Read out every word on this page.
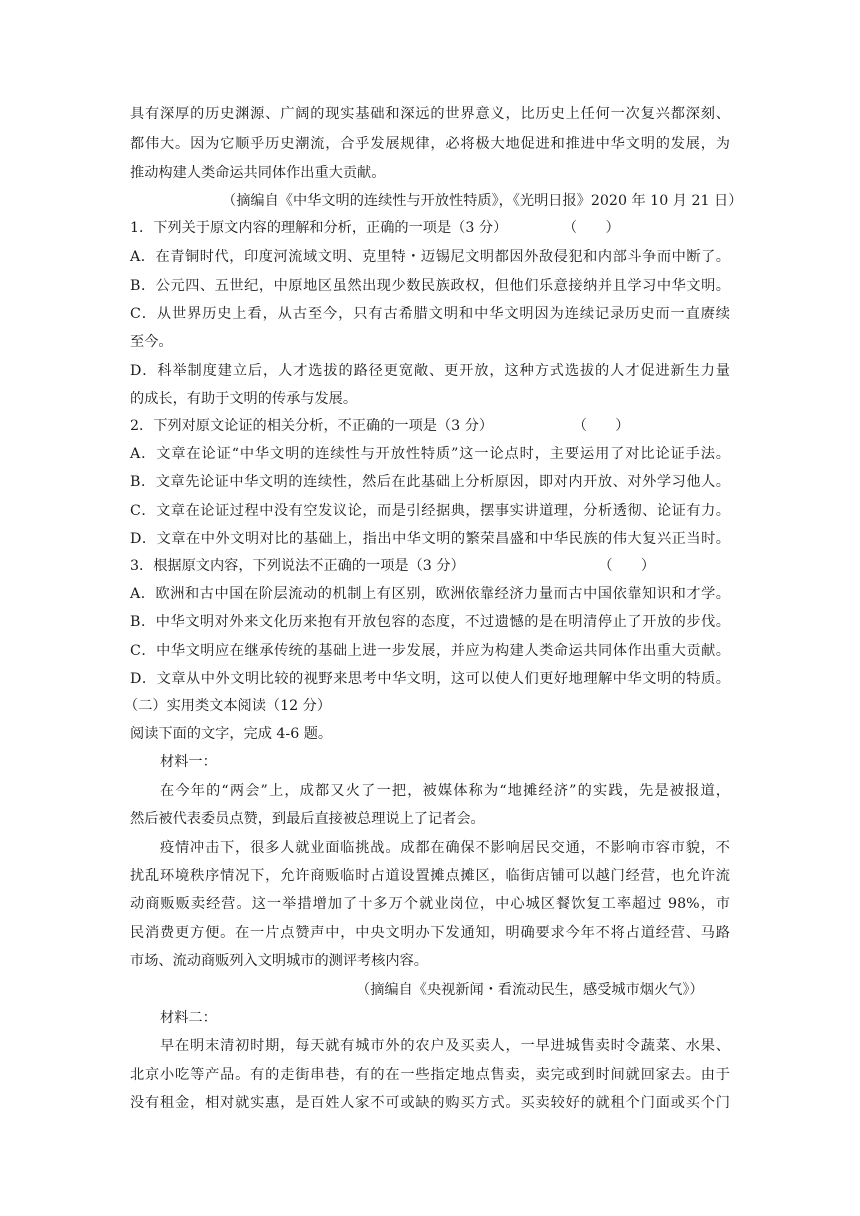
具有深厚的历史渊源、广阔的现实基础和深远的世界意义，比历史上任何一次复兴都深刻、

都伟大。因为它顺乎历史潮流，合乎发展规律，必将极大地促进和推进中华文明的发展，为

推动构建人类命运共同体作出重大贡献。

（摘编自《中华文明的连续性与开放性特质》，《光明日报》2020 年 10 月 21 日）

1．下列关于原文内容的理解和分析，正确的一项是（3 分）	（　　）

A．在青铜时代，印度河流域文明、克里特・迈锡尼文明都因外敌侵犯和内部斗争而中断了。

B．公元四、五世纪，中原地区虽然出现少数民族政权，但他们乐意接纳并且学习中华文明。

C．从世界历史上看，从古至今，只有古希腊文明和中华文明因为连续记录历史而一直赓续

至今。

D．科举制度建立后，人才选拔的路径更宽敞、更开放，这种方式选拔的人才促进新生力量

的成长，有助于文明的传承与发展。

2．下列对原文论证的相关分析，不正确的一项是（3 分）	（　　）

A．文章在论证“中华文明的连续性与开放性特质”这一论点时，主要运用了对比论证手法。

B．文章先论证中华文明的连续性，然后在此基础上分析原因，即对内开放、对外学习他人。

C．文章在论证过程中没有空发议论，而是引经据典，摆事实讲道理，分析透彻、论证有力。

D．文章在中外文明对比的基础上，指出中华文明的繁荣昌盛和中华民族的伟大复兴正当时。

3．根据原文内容，下列说法不正确的一项是（3 分）	（　　）

A．欧洲和古中国在阶层流动的机制上有区别，欧洲依靠经济力量而古中国依靠知识和才学。

B．中华文明对外来文化历来抱有开放包容的态度，不过遗憾的是在明清停止了开放的步伐。

C．中华文明应在继承传统的基础上进一步发展，并应为构建人类命运共同体作出重大贡献。

D．文章从中外文明比较的视野来思考中华文明，这可以使人们更好地理解中华文明的特质。

（二）实用类文本阅读（12 分）

阅读下面的文字，完成 4-6 题。

材料一：

在今年的“两会”上，成都又火了一把，被媒体称为“地摊经济”的实践，先是被报道，

然后被代表委员点赞，到最后直接被总理说上了记者会。

疫情冲击下，很多人就业面临挑战。成都在确保不影响居民交通，不影响市容市貌，不

扰乱环境秩序情况下，允许商贩临时占道设置摊点摊区，临街店铺可以越门经营，也允许流

动商贩贩卖经营。这一举措增加了十多万个就业岗位，中心城区餐饮复工率超过 98%，市

民消费更方便。在一片点赞声中，中央文明办下发通知，明确要求今年不将占道经营、马路

市场、流动商贩列入文明城市的测评考核内容。

（摘编自《央视新闻・看流动民生，感受城市烟火气》）

材料二：

早在明末清初时期，每天就有城市外的农户及买卖人，一早进城售卖时令蔬菜、水果、

北京小吃等产品。有的走街串巷，有的在一些指定地点售卖，卖完或到时间就回家去。由于

没有租金，相对就实惠，是百姓人家不可或缺的购买方式。买卖较好的就租个门面或买个门
